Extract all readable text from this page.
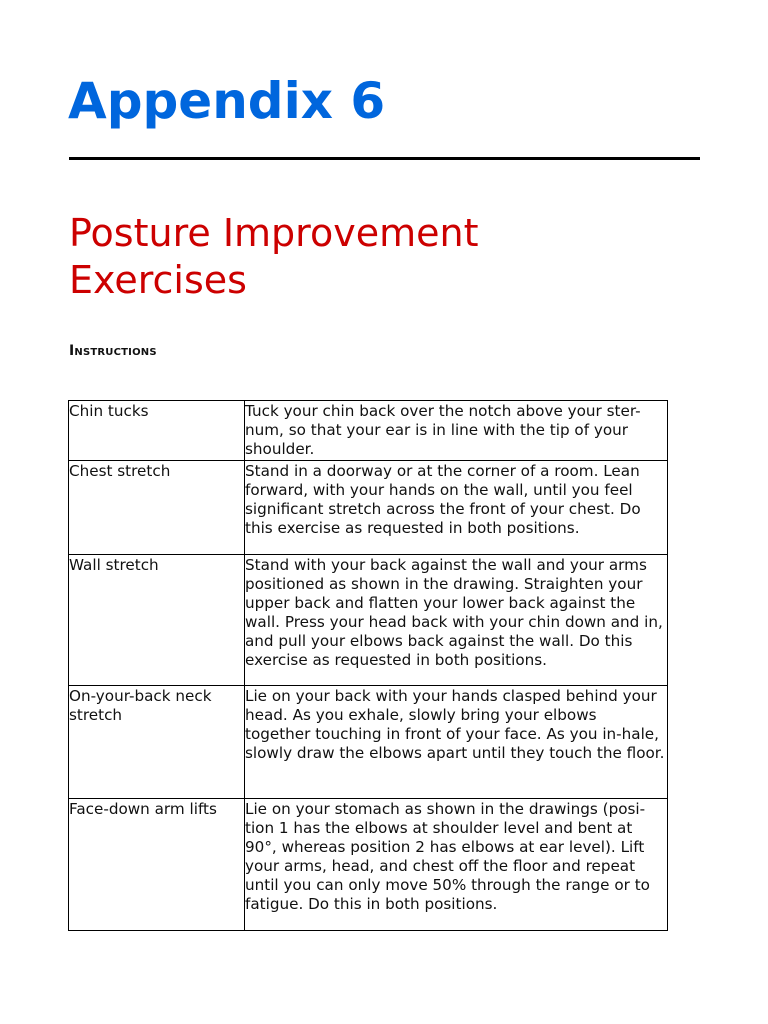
Appendix 6
Posture Improvement
Exercises
Instructions
Chin tucks	Tuck your chin back over the notch above your ster-num, so that your ear is in line with the tip of your shoulder.
Chest stretch	Stand in a doorway or at the corner of a room. Lean forward, with your hands on the wall, until you feel significant stretch across the front of your chest. Do this exercise as requested in both positions.
Wall stretch	Stand with your back against the wall and your arms positioned as shown in the drawing. Straighten your upper back and flatten your lower back against the wall. Press your head back with your chin down and in, and pull your elbows back against the wall. Do this exercise as requested in both positions.
On-your-back neck stretch	Lie on your back with your hands clasped behind your head. As you exhale, slowly bring your elbows together touching in front of your face. As you in-hale, slowly draw the elbows apart until they touch the floor.
Face-down arm lifts	Lie on your stomach as shown in the drawings (posi-tion 1 has the elbows at shoulder level and bent at 90°, whereas position 2 has elbows at ear level). Lift your arms, head, and chest off the floor and repeat until you can only move 50% through the range or to fatigue. Do this in both positions.
